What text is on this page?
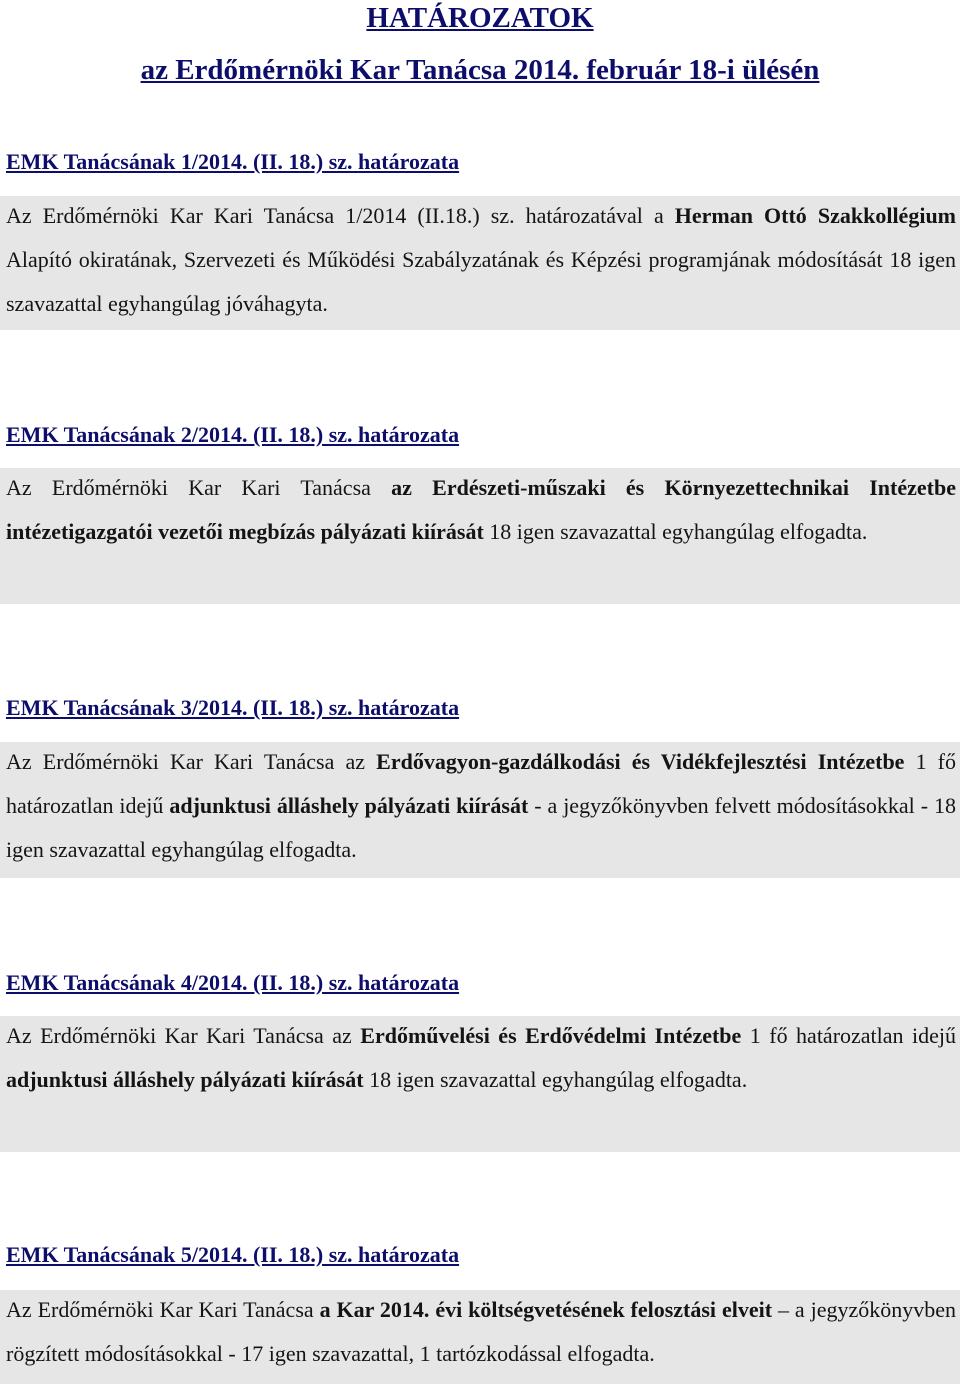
HATÁROZATOK
az Erdőmérnöki Kar Tanácsa 2014. február 18-i ülésén
EMK Tanácsának 1/2014. (II. 18.) sz. határozata

Az Erdőmérnöki Kar Kari Tanácsa 1/2014 (II.18.) sz. határozatával a Herman Ottó Szakkollégium Alapító okiratának, Szervezeti és Működési Szabályzatának és Képzési programjának módosítását 18 igen szavazattal egyhangúlag jóváhagyta.

EMK Tanácsának 2/2014. (II. 18.) sz. határozata

Az Erdőmérnöki Kar Kari Tanácsa az Erdészeti-műszaki és Környezettechnikai Intézetbe intézetigazgatói vezetői megbízás pályázati kiírását 18 igen szavazattal egyhangúlag elfogadta.

EMK Tanácsának 3/2014. (II. 18.) sz. határozata

Az Erdőmérnöki Kar Kari Tanácsa az Erdővagyon-gazdálkodási és Vidékfejlesztési Intézetbe 1 fő határozatlan idejű adjunktusi álláshely pályázati kiírását - a jegyzőkönyvben felvett módosításokkal - 18 igen szavazattal egyhangúlag elfogadta.

EMK Tanácsának 4/2014. (II. 18.) sz. határozata

Az Erdőmérnöki Kar Kari Tanácsa az Erdőművelési és Erdővédelmi Intézetbe 1 fő határozatlan idejű adjunktusi álláshely pályázati kiírását 18 igen szavazattal egyhangúlag elfogadta.

EMK Tanácsának 5/2014. (II. 18.) sz. határozata

Az Erdőmérnöki Kar Kari Tanácsa a Kar 2014. évi költségvetésének felosztási elveit – a jegyzőkönyvben rögzített módosításokkal - 17 igen szavazattal, 1 tartózkodással elfogadta.
